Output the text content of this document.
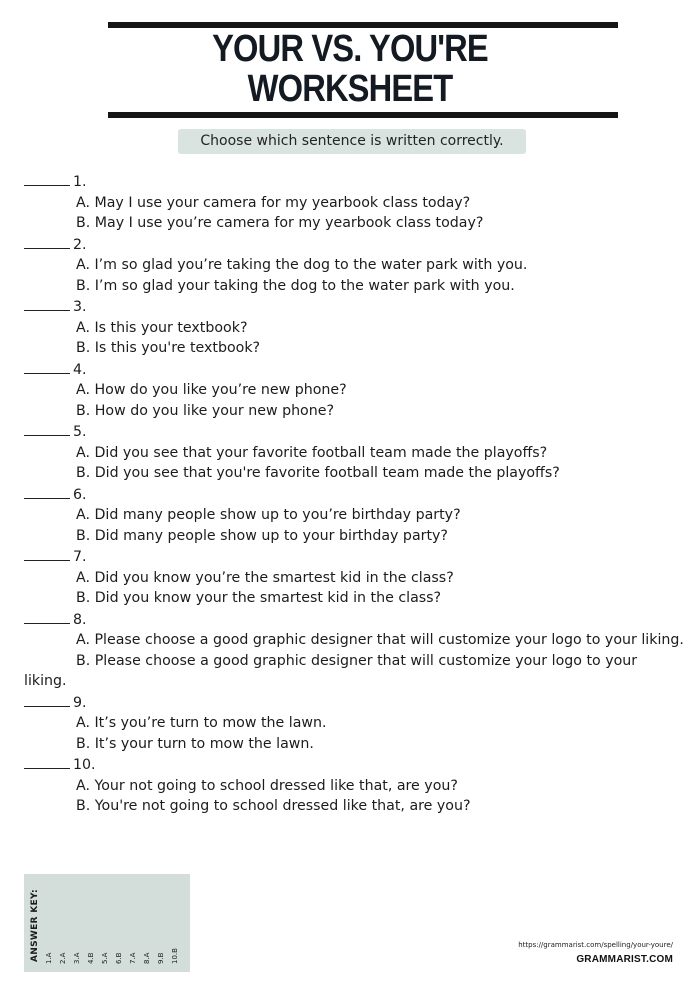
YOUR VS. YOU'RE
WORKSHEET
Choose which sentence is written correctly.
1.
A. May I use your camera for my yearbook class today?
B. May I use you’re camera for my yearbook class today?
2.
A. I’m so glad you’re taking the dog to the water park with you.
B. I’m so glad your taking the dog to the water park with you.
3.
A. Is this your textbook?
B. Is this you're textbook?
4.
A. How do you like you’re new phone?
B. How do you like your new phone?
5.
A. Did you see that your favorite football team made the playoffs?
B. Did you see that you're favorite football team made the playoffs?
6.
A. Did many people show up to you’re birthday party?
B. Did many people show up to your birthday party?
7.
A. Did you know you’re the smartest kid in the class?
B. Did you know your the smartest kid in the class?
8.
A. Please choose a good graphic designer that will customize your logo to your liking.
B. Please choose a good graphic designer that will customize your logo to your liking.
9.
A. It’s you’re turn to mow the lawn.
B. It’s your turn to mow the lawn.
10.
A. Your not going to school dressed like that, are you?
B. You're not going to school dressed like that, are you?
ANSWER KEY: 1.A 2.A 3.A 4.B 5.A 6.B 7.A 8.A 9.B 10.B
https://grammarist.com/spelling/your-youre/
GRAMMARIST.COM
